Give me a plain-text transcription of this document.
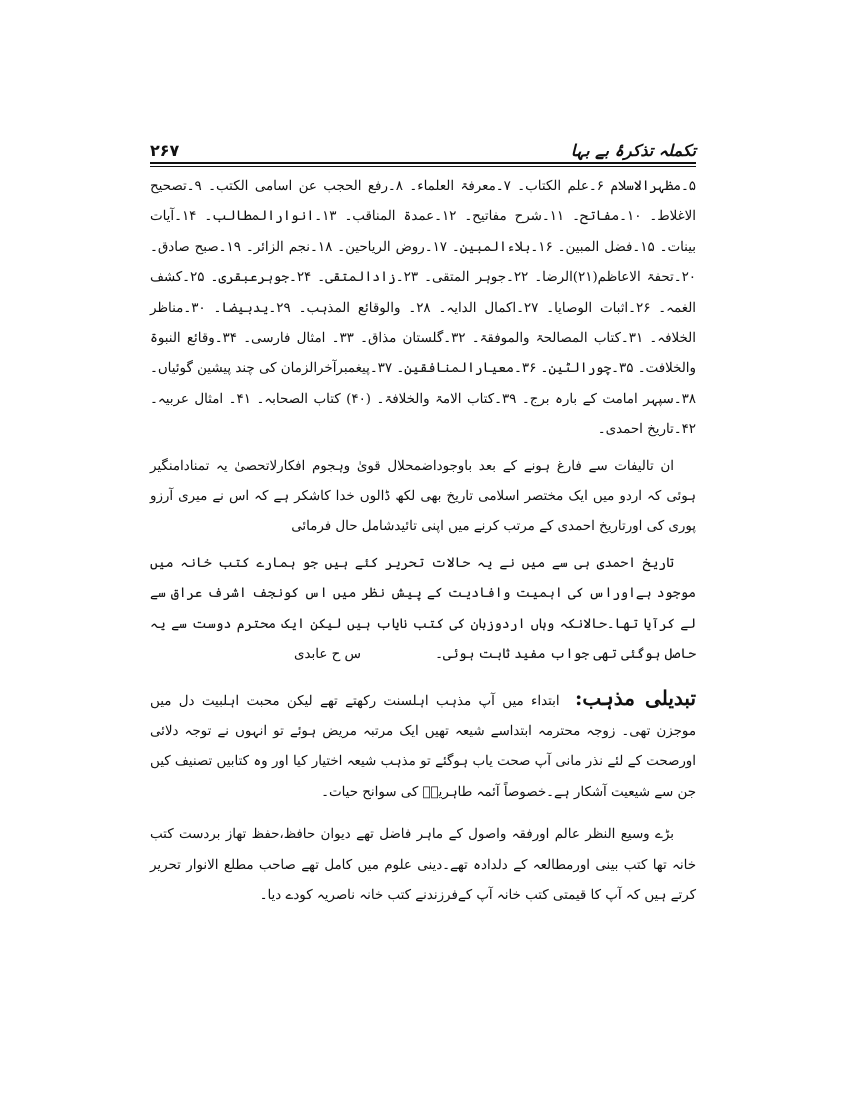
۲۶۷	تکملہ تذکرۂ بے بہا

۵۔مظہرالاسلام ۶۔علم الکتاب۔ ۷۔معرفۃ العلماء۔ ۸۔رفع الحجب عن اسامی الکتب۔ ۹۔تصحیح الاغلاط۔ ۱۰۔مفاتح۔ ۱۱۔شرح مفاتیح۔ ۱۲۔عمدۃ المناقب۔ ۱۳۔انوارالمطالب۔ ۱۴۔آیات بینات۔ ۱۵۔فضل المبین۔ ۱۶۔بلاءالمبین۔ ۱۷۔روض الریاحین۔ ۱۸۔نجم الزائر۔ ۱۹۔صبح صادق۔ ۲۰۔تحفۃ الاعاظم(۲۱)الرضا۔ ۲۲۔جوہر المتقی۔ ۲۳۔زادالمتقی۔ ۲۴۔جوہرعبقری۔ ۲۵۔کشف الغمہ۔ ۲۶۔اثبات الوصایا۔ ۲۷۔اکمال الدایہ۔ ۲۸۔ والوقائع المذہب۔ ۲۹۔یدبیضا۔ ۳۰۔مناظر الخلافہ۔ ۳۱۔کتاب المصالحۃ والموفقۃ۔ ۳۲۔گلستان مذاق۔ ۳۳۔ امثال فارسی۔ ۳۴۔وقائع النبوۃ والخلافت۔ ۳۵۔چورالٹین۔ ۳۶۔معیارالمنافقین۔ ۳۷۔پیغمبرآخرالزمان کی چند پیشین گوئیاں۔ ۳۸۔سپہر امامت کے بارہ برج۔ ۳۹۔کتاب الامۃ والخلافۃ۔ (۴۰) کتاب الصحابہ۔ ۴۱۔ امثال عربیہ۔ ۴۲۔تاریخ احمدی۔

ان تالیفات سے فارغ ہونے کے بعد باوجوداضمحلال قویٰ وہجوم افکارلاتحصیٰ یہ تمنادامنگیر ہوئی کہ اردو میں ایک مختصر اسلامی تاریخ بھی لکھ ڈالوں خدا کاشکر ہے کہ اس نے میری آرزو پوری کی اورتاریخ احمدی کے مرتب کرنے میں اپنی تائیدشامل حال فرمائی

تاریخ احمدی ہی سے میں نے یہ حالات تحریر کئے ہیں جو ہمارے کتب خانہ میں موجود ہےاوراس کی اہمیت وافادیت کے پیش نظر میں اس کونجف اشرف عراق سے لے کرآیا تھا۔حالانکہ وہاں اردوزبان کی کتب نایاب ہیں لیکن ایک محترم دوست سے یہ حاصل ہوگئی تھی جواب مفید ثابت ہوئی۔ س ح عابدی

تبدیلی مذہب: ابتداء میں آپ مذہب اہلسنت رکھتے تھے لیکن محبت اہلبیت دل میں موجزن تھی۔ زوجہ محترمہ ابتداسے شیعہ تھیں ایک مرتبہ مریض ہوئے تو انہوں نے توجہ دلائی اورصحت کے لئے نذر مانی آپ صحت یاب ہوگئے تو مذہب شیعہ اختیار کیا اور وہ کتابیں تصنیف کیں جن سے شیعیت آشکار ہے۔خصوصاً آئمہ طاہرینؑ کی سوانح حیات۔

بڑے وسیع النظر عالم اورفقہ واصول کے ماہر فاضل تھے دیوان حافظ،حفظ تھاز بردست کتب خانہ تھا کتب بینی اورمطالعہ کے دلدادہ تھے۔دینی علوم میں کامل تھے صاحب مطلع الانوار تحریر کرتے ہیں کہ آپ کا قیمتی کتب خانہ آپ کےفرزندنے کتب خانہ ناصریہ کودے دیا۔
